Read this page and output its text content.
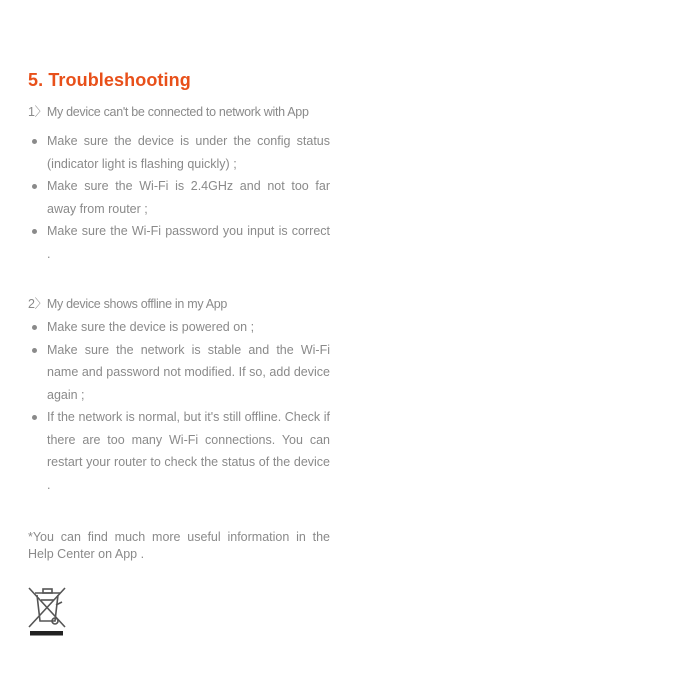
5. Troubleshooting
1〉My device can't be connected to network with App
Make sure the device is under the config status (indicator light is flashing quickly) ;
Make sure the Wi-Fi is 2.4GHz and not too far away from router ;
Make sure the Wi-Fi password you input is correct .
2〉My device shows offline in my App
Make sure the device is powered on ;
Make sure the network is stable and the Wi-Fi name and password not modified. If so, add device again ;
If the network is normal, but it's still offline. Check if there are too many Wi-Fi connections. You can restart your router to check the status of the device .
*You can find much more useful information in the Help Center on App .
